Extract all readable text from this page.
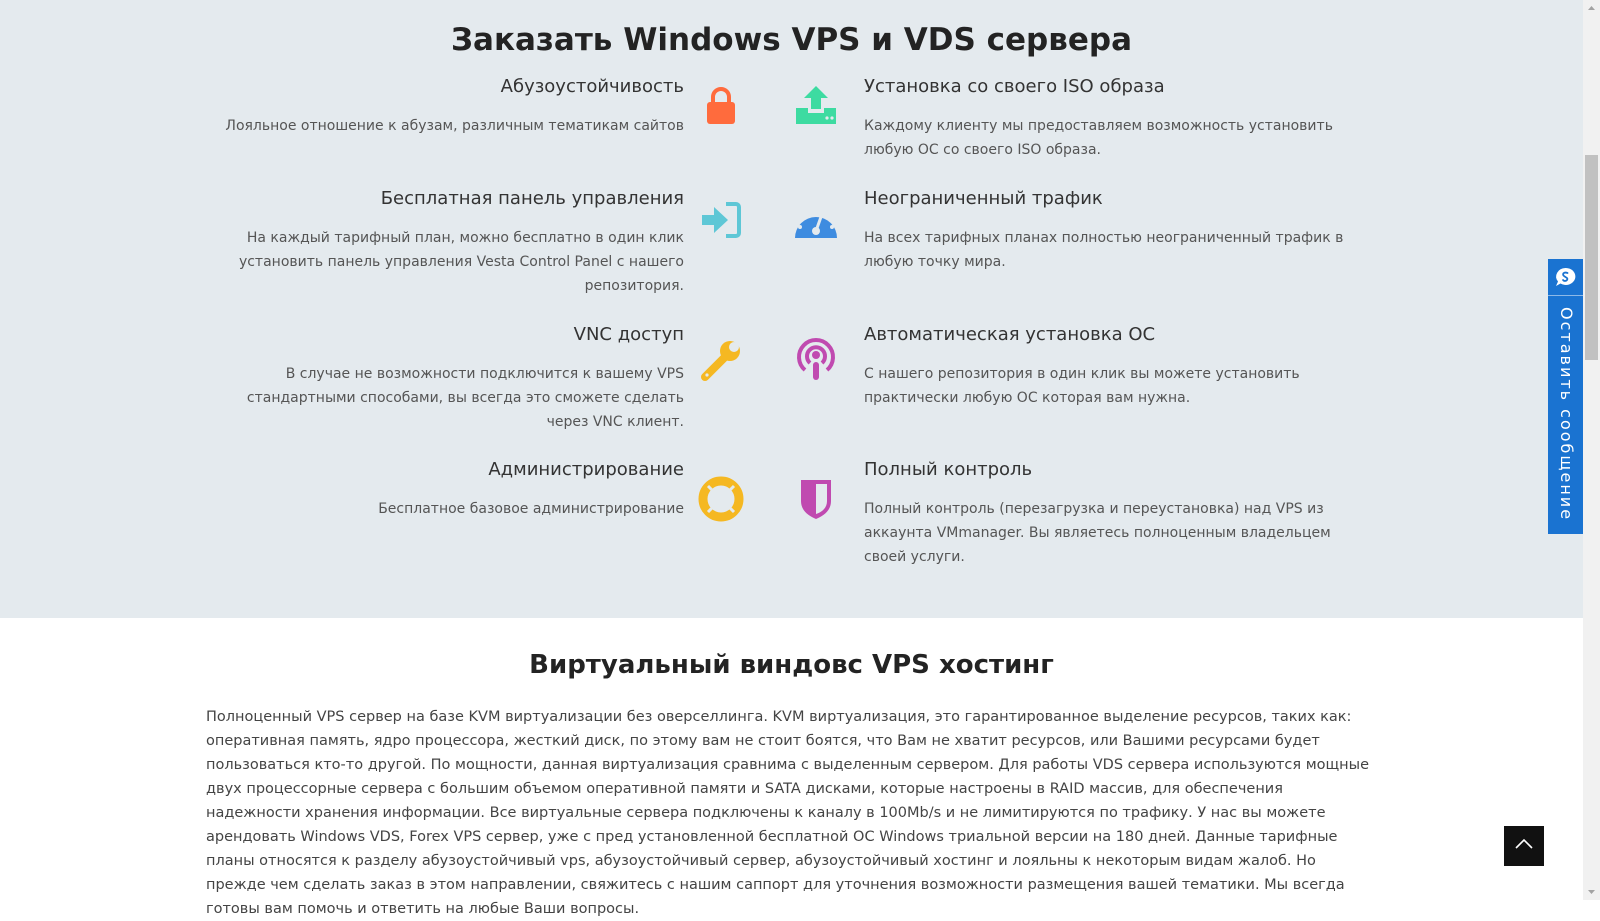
Заказать Windows VPS и VDS сервера
Абузоустойчивость

Лояльное отношение к абузам, различным тематикам сайтов

Бесплатная панель управления

На каждый тарифный план, можно бесплатно в один клик установить панель управления Vesta Control Panel с нашего репозитория.

VNC доступ

В случае не возможности подключится к вашему VPS стандартными способами, вы всегда это сможете сделать через VNC клиент.

Администрирование

Бесплатное базовое администрирование

Установка со своего ISO образа

Каждому клиенту мы предоставляем возможность установить любую ОС со своего ISO образа.

Неограниченный трафик

На всех тарифных планах полностью неограниченный трафик в любую точку мира.

Автоматическая установка ОС

С нашего репозитория в один клик вы можете установить практически любую ОС которая вам нужна.

Полный контроль

Полный контроль (перезагрузка и переустановка) над VPS из аккаунта VMmanager. Вы являетесь полноценным владельцем своей услуги.

Виртуальный виндовс VPS хостинг

Полноценный VPS сервер на базе KVM виртуализации без оверселлинга. KVM виртуализация, это гарантированное выделение ресурсов, таких как: оперативная память, ядро процессора, жесткий диск, по этому вам не стоит боятся, что Вам не хватит ресурсов, или Вашими ресурсами будет пользоваться кто-то другой. По мощности, данная виртуализация сравнима с выделенным сервером. Для работы VDS сервера используются мощные двух процессорные сервера с большим объемом оперативной памяти и SATA дисками, которые настроены в RAID массив, для обеспечения надежности хранения информации. Все виртуальные сервера подключены к каналу в 100Mb/s и не лимитируются по трафику. У нас вы можете арендовать Windows VDS, Forex VPS сервер, уже с пред установленной бесплатной ОС Windows триальной версии на 180 дней. Данные тарифные планы относятся к разделу абузоустойчивый vps, абузоустойчивый сервер, абузоустойчивый хостинг и лояльны к некоторым видам жалоб. Но прежде чем сделать заказ в этом направлении, свяжитесь с нашим саппорт для уточнения возможности размещения вашей тематики. Мы всегда готовы вам помочь и ответить на любые Ваши вопросы.

Оставить сообщение
